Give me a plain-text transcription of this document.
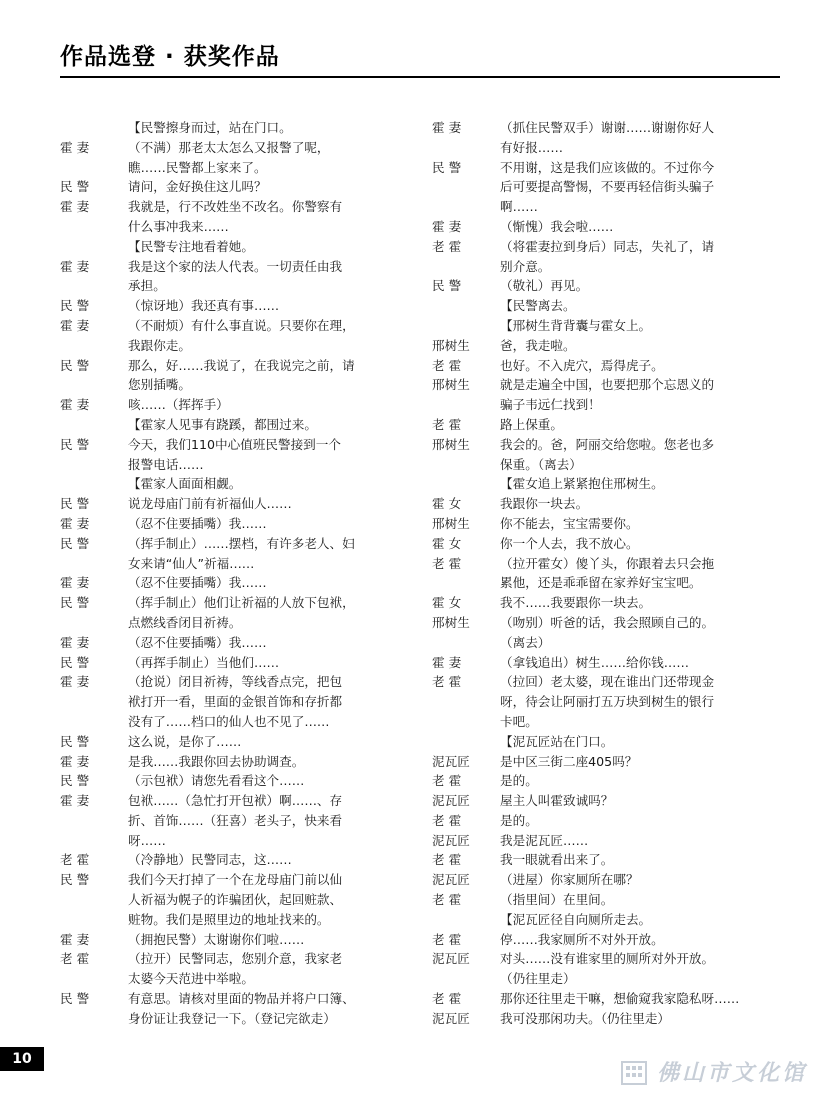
作品选登 · 获奖作品
【民警擦身而过，站在门口。
霍 妻	（不满）那老太太怎么又报警了呢，
瞧……民警都上家来了。
民 警	请问，金好换住这儿吗？
霍 妻	我就是，行不改姓坐不改名。你警察有
什么事冲我来……
【民警专注地看着她。
霍 妻	我是这个家的法人代表。一切责任由我
承担。
民 警	（惊讶地）我还真有事……
霍 妻	（不耐烦）有什么事直说。只要你在理，
我跟你走。
民 警	那么，好……我说了，在我说完之前，请
您别插嘴。
霍 妻	咳……（挥挥手）
【霍家人见事有跷蹊，都围过来。
民 警	今天，我们110中心值班民警接到一个
报警电话……
【霍家人面面相觑。
民 警	说龙母庙门前有祈福仙人……
霍 妻	（忍不住要插嘴）我……
民 警	（挥手制止）……摆档，有许多老人、妇
女来请“仙人”祈福……
霍 妻	（忍不住要插嘴）我……
民 警	（挥手制止）他们让祈福的人放下包袱，
点燃线香闭目祈祷。
霍 妻	（忍不住要插嘴）我……
民 警	（再挥手制止）当他们……
霍 妻	（抢说）闭目祈祷，等线香点完，把包
袱打开一看，里面的金银首饰和存折都
没有了……档口的仙人也不见了……
民 警	这么说，是你了……
霍 妻	是我……我跟你回去协助调查。
民 警	（示包袱）请您先看看这个……
霍 妻	包袱……（急忙打开包袱）啊……、存
折、首饰……（狂喜）老头子，快来看
呀……
老 霍	（冷静地）民警同志，这……
民 警	我们今天打掉了一个在龙母庙门前以仙
人祈福为幌子的诈骗团伙，起回赃款、
赃物。我们是照里边的地址找来的。
霍 妻	（拥抱民警）太谢谢你们啦……
老 霍	（拉开）民警同志，您别介意，我家老
太婆今天范进中举啦。
民 警	有意思。请核对里面的物品并将户口簿、
身份证让我登记一下。（登记完欲走）
霍 妻	（抓住民警双手）谢谢……谢谢你好人
有好报……
民 警	不用谢，这是我们应该做的。不过你今
后可要提高警惕，不要再轻信街头骗子
啊……
霍 妻	（惭愧）我会啦……
老 霍	（将霍妻拉到身后）同志，失礼了，请
别介意。
民 警	（敬礼）再见。
【民警离去。
【邢树生背背囊与霍女上。
邢树生	爸，我走啦。
老 霍	也好。不入虎穴，焉得虎子。
邢树生	就是走遍全中国，也要把那个忘恩义的
骗子韦远仁找到！
老 霍	路上保重。
邢树生	我会的。爸，阿丽交给您啦。您老也多
保重。（离去）
【霍女追上紧紧抱住邢树生。
霍 女	我跟你一块去。
邢树生	你不能去，宝宝需要你。
霍 女	你一个人去，我不放心。
老 霍	（拉开霍女）傻丫头，你跟着去只会拖
累他，还是乖乖留在家养好宝宝吧。
霍 女	我不……我要跟你一块去。
邢树生	（吻别）听爸的话，我会照顾自己的。
（离去）
霍 妻	（拿钱追出）树生……给你钱……
老 霍	（拉回）老太婆，现在谁出门还带现金
呀，待会让阿丽打五万块到树生的银行
卡吧。
【泥瓦匠站在门口。
泥瓦匠	是中区三街二座405吗？
老 霍	是的。
泥瓦匠	屋主人叫霍致诚吗？
老 霍	是的。
泥瓦匠	我是泥瓦匠……
老 霍	我一眼就看出来了。
泥瓦匠	（进屋）你家厕所在哪？
老 霍	（指里间）在里间。
【泥瓦匠径自向厕所走去。
老 霍	停……我家厕所不对外开放。
泥瓦匠	对头……没有谁家里的厕所对外开放。
（仍往里走）
老 霍	那你还往里走干嘛，想偷窥我家隐私呀……
泥瓦匠	我可没那闲功夫。（仍往里走）
10
佛山市文化馆
